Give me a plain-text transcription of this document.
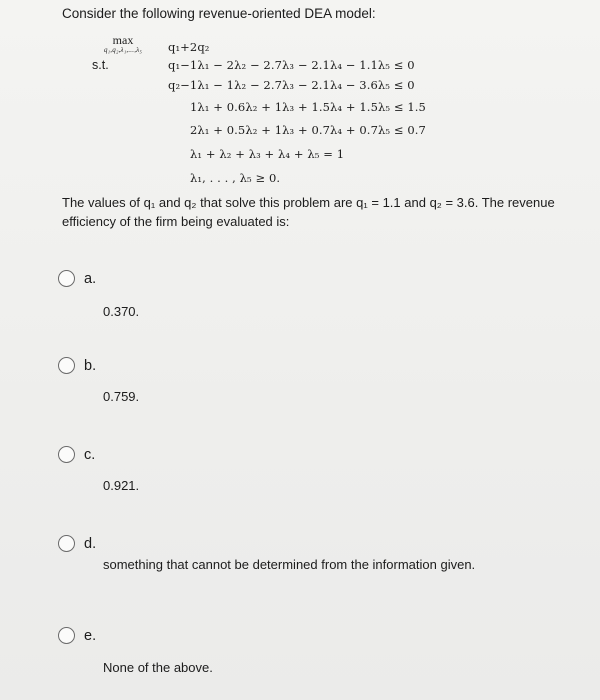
Consider the following revenue-oriented DEA model:
max
q₁,q₂,λ₁,...,λ₅
s.t.
q₁+2q₂
q₁−1λ₁ − 2λ₂ − 2.7λ₃ − 2.1λ₄ − 1.1λ₅ ≤ 0
q₂−1λ₁ − 1λ₂ − 2.7λ₃ − 2.1λ₄ − 3.6λ₅ ≤ 0
1λ₁ + 0.6λ₂ + 1λ₃ + 1.5λ₄ + 1.5λ₅ ≤ 1.5
2λ₁ + 0.5λ₂ + 1λ₃ + 0.7λ₄ + 0.7λ₅ ≤ 0.7
λ₁ + λ₂ + λ₃ + λ₄ + λ₅ = 1
λ₁, . . . , λ₅ ≥ 0.
The values of q₁ and q₂ that solve this problem are q₁ = 1.1 and q₂ = 3.6. The revenue efficiency of the firm being evaluated is:
a.
0.370.
b.
0.759.
c.
0.921.
d.
something that cannot be determined from the information given.
e.
None of the above.
